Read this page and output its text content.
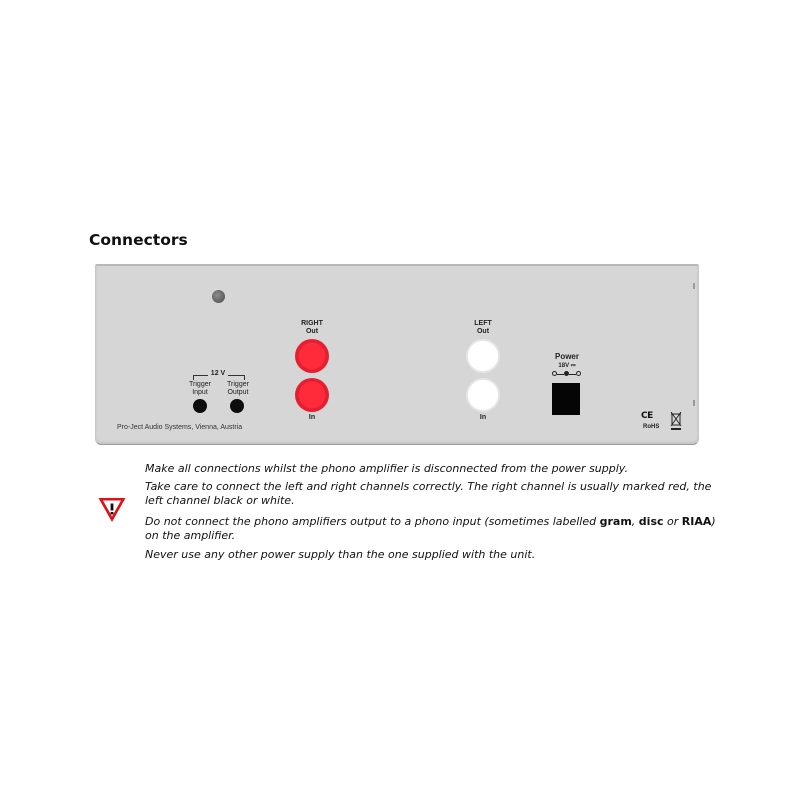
Connectors
RIGHT
Out
In
LEFT
Out
In
12 V
Trigger
Input
Trigger
Output
Pro-Ject Audio Systems, Vienna, Austria
Power
18V ⎓
CE
RoHS
Make all connections whilst the phono amplifier is disconnected from the power supply.
Take care to connect the left and right channels correctly. The right channel is usually marked red, the
left channel black or white.
Do not connect the phono amplifiers output to a phono input (sometimes labelled gram, disc or RIAA)
on the amplifier.
Never use any other power supply than the one supplied with the unit.
